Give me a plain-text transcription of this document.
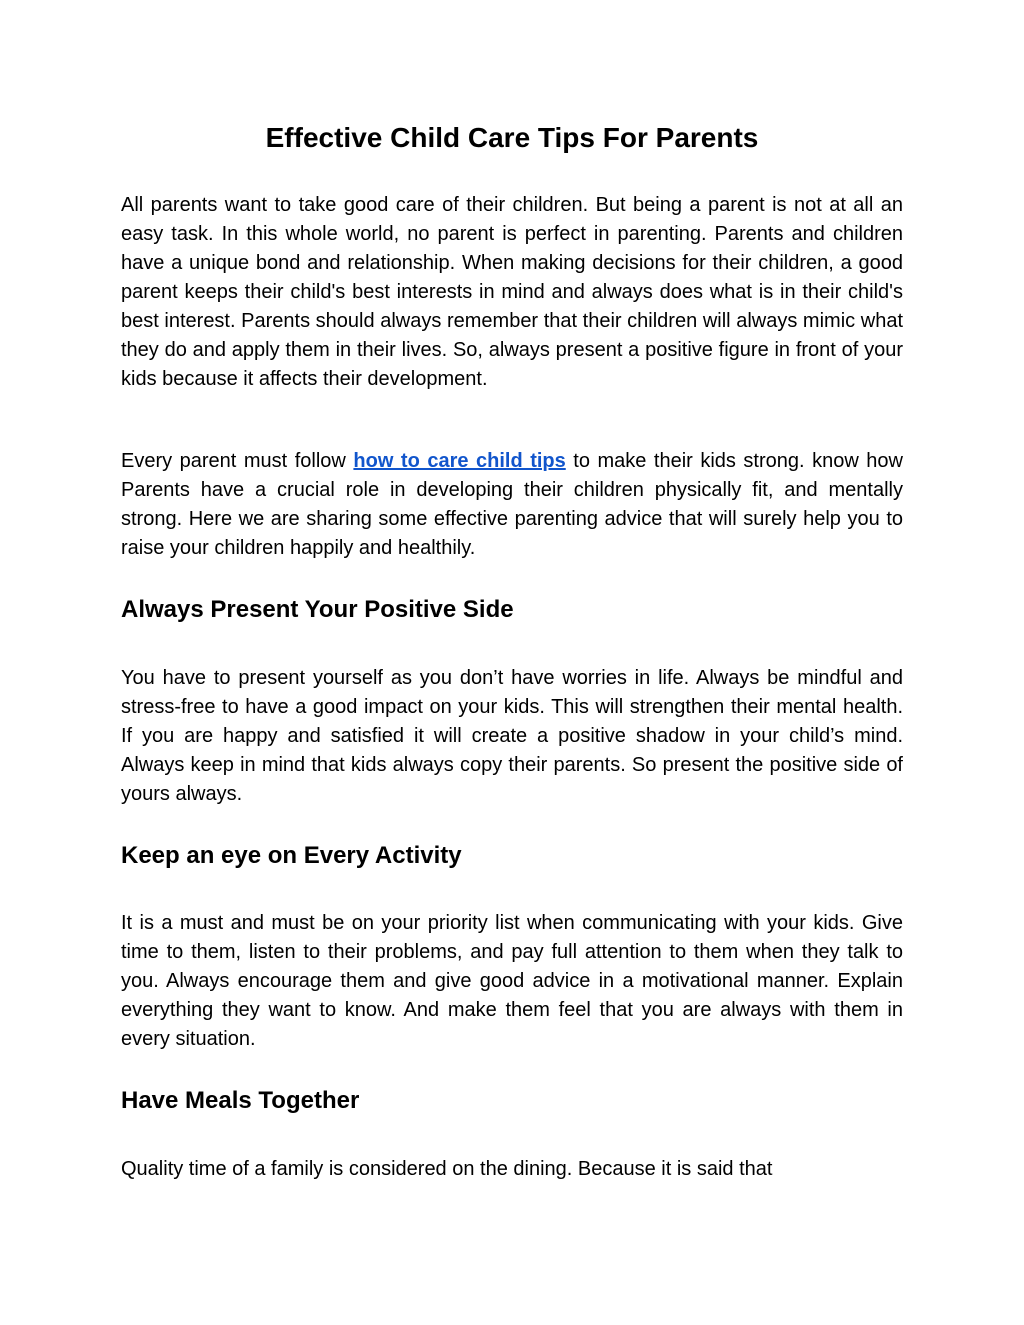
Effective Child Care Tips For Parents

All parents want to take good care of their children. But being a parent is not at all an easy task. In this whole world, no parent is perfect in parenting. Parents and children have a unique bond and relationship. When making decisions for their children, a good parent keeps their child's best interests in mind and always does what is in their child's best interest. Parents should always remember that their children will always mimic what they do and apply them in their lives. So, always present a positive figure in front of your kids because it affects their development.

Every parent must follow how to care child tips to make their kids strong. know how Parents have a crucial role in developing their children physically fit, and mentally strong. Here we are sharing some effective parenting advice that will surely help you to raise your children happily and healthily.

Always Present Your Positive Side

You have to present yourself as you don’t have worries in life. Always be mindful and stress-free to have a good impact on your kids. This will strengthen their mental health. If you are happy and satisfied it will create a positive shadow in your child’s mind. Always keep in mind that kids always copy their parents. So present the positive side of yours always.

Keep an eye on Every Activity

It is a must and must be on your priority list when communicating with your kids. Give time to them, listen to their problems, and pay full attention to them when they talk to you. Always encourage them and give good advice in a motivational manner. Explain everything they want to know. And make them feel that you are always with them in every situation.

Have Meals Together

Quality time of a family is considered on the dining. Because it is said that
